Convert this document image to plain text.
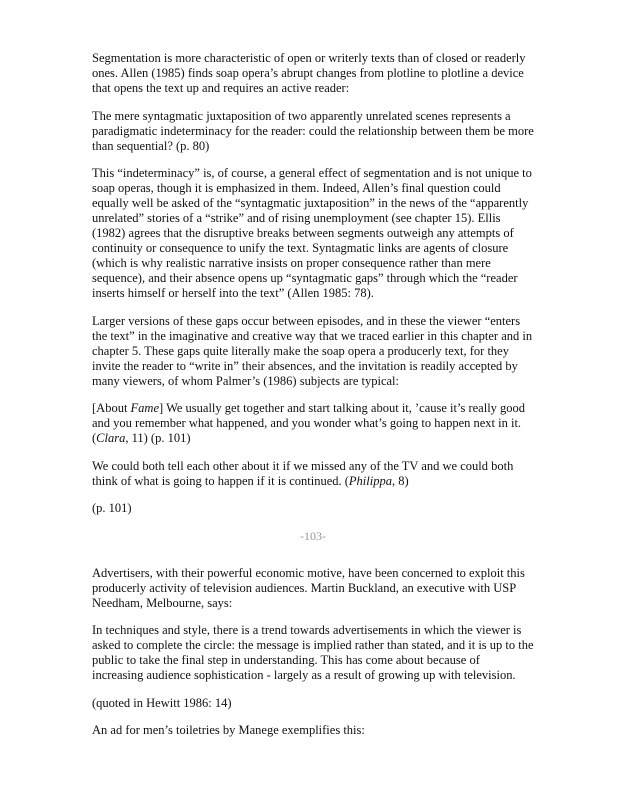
Segmentation is more characteristic of open or writerly texts than of closed or readerly ones. Allen (1985) finds soap opera’s abrupt changes from plotline to plotline a device that opens the text up and requires an active reader:

The mere syntagmatic juxtaposition of two apparently unrelated scenes represents a paradigmatic indeterminacy for the reader: could the relationship between them be more than sequential? (p. 80)

This “indeterminacy” is, of course, a general effect of segmentation and is not unique to soap operas, though it is emphasized in them. Indeed, Allen’s final question could equally well be asked of the “syntagmatic juxtaposition” in the news of the “apparently unrelated” stories of a “strike” and of rising unemployment (see chapter 15). Ellis (1982) agrees that the disruptive breaks between segments outweigh any attempts of continuity or consequence to unify the text. Syntagmatic links are agents of closure (which is why realistic narrative insists on proper consequence rather than mere sequence), and their absence opens up “syntagmatic gaps” through which the “reader inserts himself or herself into the text” (Allen 1985: 78).

Larger versions of these gaps occur between episodes, and in these the viewer “enters the text” in the imaginative and creative way that we traced earlier in this chapter and in chapter 5. These gaps quite literally make the soap opera a producerly text, for they invite the reader to “write in” their absences, and the invitation is readily accepted by many viewers, of whom Palmer’s (1986) subjects are typical:

[About Fame] We usually get together and start talking about it, ’cause it’s really good and you remember what happened, and you wonder what’s going to happen next in it. (Clara, 11) (p. 101)

We could both tell each other about it if we missed any of the TV and we could both think of what is going to happen if it is continued. (Philippa, 8)

(p. 101)

-103-

Advertisers, with their powerful economic motive, have been concerned to exploit this producerly activity of television audiences. Martin Buckland, an executive with USP Needham, Melbourne, says:

In techniques and style, there is a trend towards advertisements in which the viewer is asked to complete the circle: the message is implied rather than stated, and it is up to the public to take the final step in understanding. This has come about because of increasing audience sophistication - largely as a result of growing up with television.

(quoted in Hewitt 1986: 14)

An ad for men’s toiletries by Manege exemplifies this:
